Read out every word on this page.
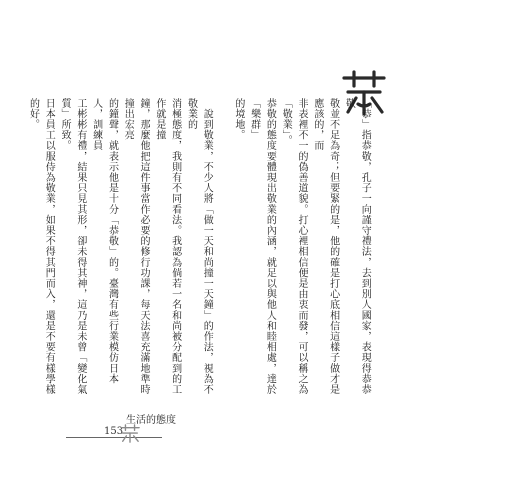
「恭」指恭敬，孔子一向謹守禮法，去到別人國家，表現得恭恭敬
敬並不足為奇；但要緊的是，他的確是打心底相信這樣子做才是應該的，而
非表裡不一的偽善道貌。打心裡相信便是由衷而發，可以稱之為「敬業」。
恭敬的態度要體現出敬業的內涵，就足以與他人和睦相處，達於「樂群」
的境地。

　說到敬業，不少人將「做一天和尚撞一天鐘」的作法，視為不敬業的
消極態度，我則有不同看法。我認為倘若一名和尚被分配到的工作就是撞
鐘，那麼他把這件事當作必要的修行功課，每天法喜充滿地準時撞出宏亮
的鐘聲，就表示他是十分「恭敬」的。臺灣有些行業模仿日本人，訓練員
工彬彬有禮，結果只見其形，卻未得其神，這乃是未曾「變化氣質」所致。
日本員工以服侍為敬業，如果不得其門而入，還是不要有樣學樣的好。

153
生活的態度
